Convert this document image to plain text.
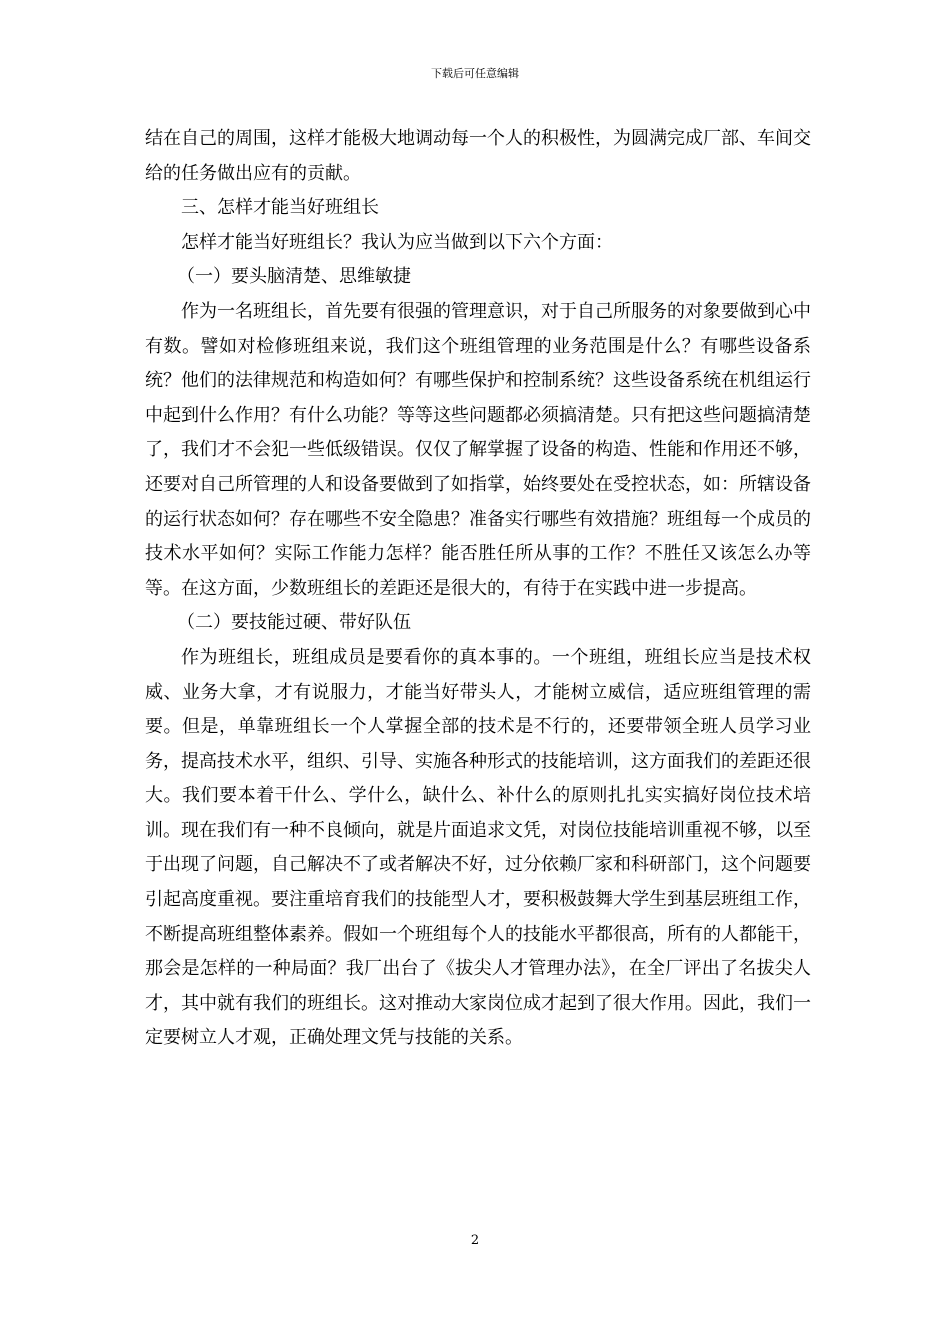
下载后可任意编辑

结在自己的周围，这样才能极大地调动每一个人的积极性，为圆满完成厂部、车间交给的任务做出应有的贡献。

三、怎样才能当好班组长

怎样才能当好班组长？我认为应当做到以下六个方面：

（一）要头脑清楚、思维敏捷

作为一名班组长，首先要有很强的管理意识，对于自己所服务的对象要做到心中有数。譬如对检修班组来说，我们这个班组管理的业务范围是什么？有哪些设备系统？他们的法律规范和构造如何？有哪些保护和控制系统？这些设备系统在机组运行中起到什么作用？有什么功能？等等这些问题都必须搞清楚。只有把这些问题搞清楚了，我们才不会犯一些低级错误。仅仅了解掌握了设备的构造、性能和作用还不够，还要对自己所管理的人和设备要做到了如指掌，始终要处在受控状态，如：所辖设备的运行状态如何？存在哪些不安全隐患？准备实行哪些有效措施？班组每一个成员的技术水平如何？实际工作能力怎样？能否胜任所从事的工作？不胜任又该怎么办等等。在这方面，少数班组长的差距还是很大的，有待于在实践中进一步提高。

（二）要技能过硬、带好队伍

作为班组长，班组成员是要看你的真本事的。一个班组，班组长应当是技术权威、业务大拿，才有说服力，才能当好带头人，才能树立威信，适应班组管理的需要。但是，单靠班组长一个人掌握全部的技术是不行的，还要带领全班人员学习业务，提高技术水平，组织、引导、实施各种形式的技能培训，这方面我们的差距还很大。我们要本着干什么、学什么，缺什么、补什么的原则扎扎实实搞好岗位技术培训。现在我们有一种不良倾向，就是片面追求文凭，对岗位技能培训重视不够，以至于出现了问题，自己解决不了或者解决不好，过分依赖厂家和科研部门，这个问题要引起高度重视。要注重培育我们的技能型人才，要积极鼓舞大学生到基层班组工作，不断提高班组整体素养。假如一个班组每个人的技能水平都很高，所有的人都能干，那会是怎样的一种局面？我厂出台了《拔尖人才管理办法》，在全厂评出了名拔尖人才，其中就有我们的班组长。这对推动大家岗位成才起到了很大作用。因此，我们一定要树立人才观，正确处理文凭与技能的关系。

2
